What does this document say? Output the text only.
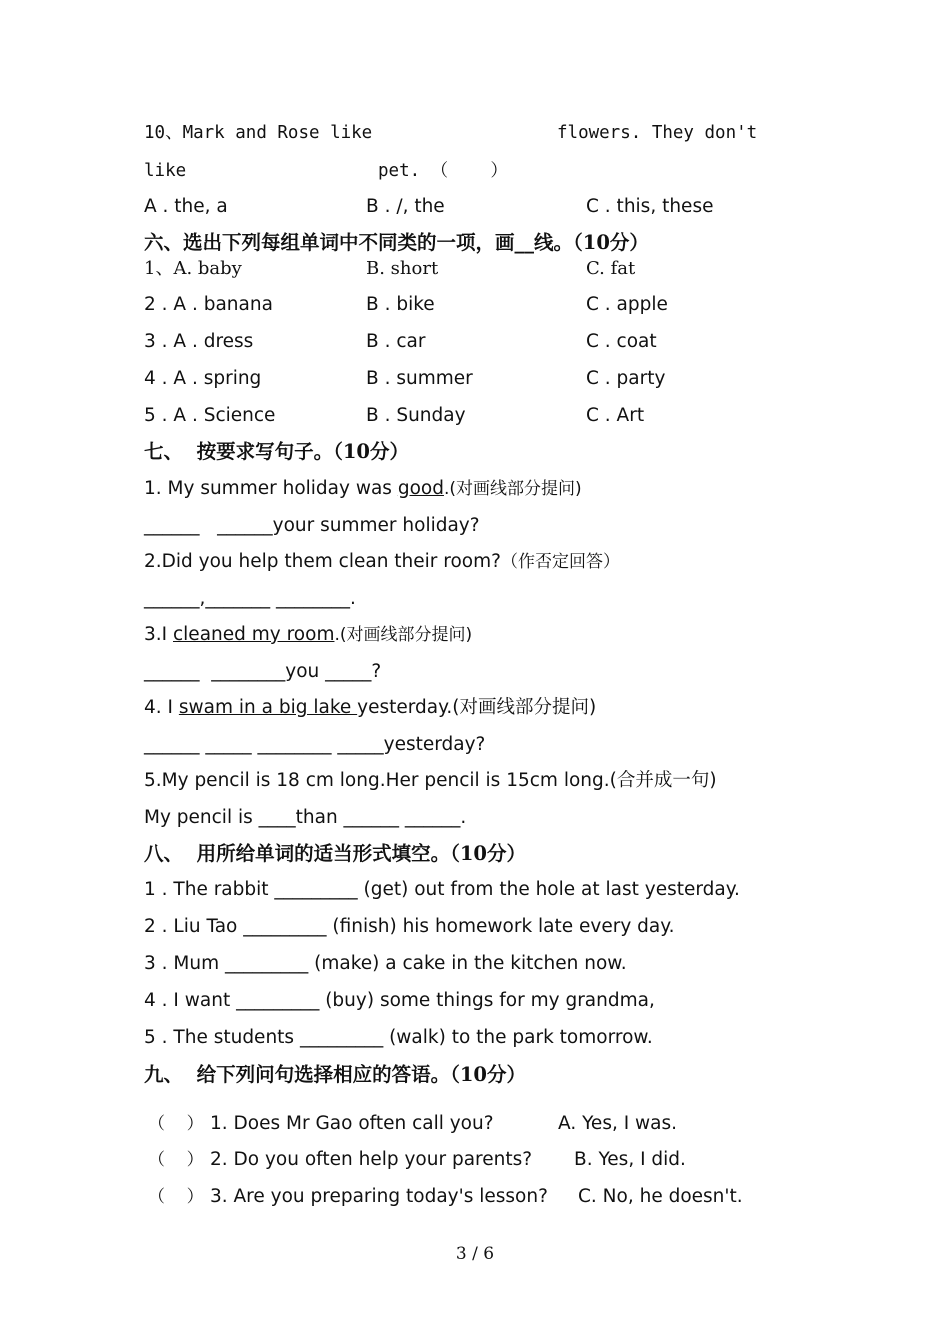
10、Mark and Rose like	flowers. They don't
like	pet. （    ）
A . the, a	B . /, the	C . this, these
六、选出下列每组单词中不同类的一项，画__线。（10分）
1、A. baby	B. short	C. fat
2 . A . banana	B . bike	C . apple
3 . A . dress	B . car	C . coat
4 . A . spring	B . summer	C . party
5 . A . Science	B . Sunday	C . Art
七、  按要求写句子。（10分）
1. My summer holiday was good.(对画线部分提问)
______   ______your summer holiday?
2.Did you help them clean their room?（作否定回答）
______,_______ ________.
3.I cleaned my room.(对画线部分提问)
______  ________you _____?
4. I swam in a big lake yesterday.(对画线部分提问)
______ _____ ________ _____yesterday?
5.My pencil is 18 cm long.Her pencil is 15cm long.(合并成一句)
My pencil is ____than ______ ______.
八、  用所给单词的适当形式填空。（10分）
1 . The rabbit _________ (get) out from the hole at last yesterday.
2 . Liu Tao _________ (finish) his homework late every day.
3 . Mum _________ (make) a cake in the kitchen now.
4 . I want _________ (buy) some things for my grandma,
5 . The students _________ (walk) to the park tomorrow.
九、  给下列问句选择相应的答语。（10分）
（    ） 1. Does Mr Gao often call you?	A. Yes, I was.
（    ） 2. Do you often help your parents? B. Yes, I did.
（    ） 3. Are you preparing today's lesson? C. No, he doesn't.
3 / 6
